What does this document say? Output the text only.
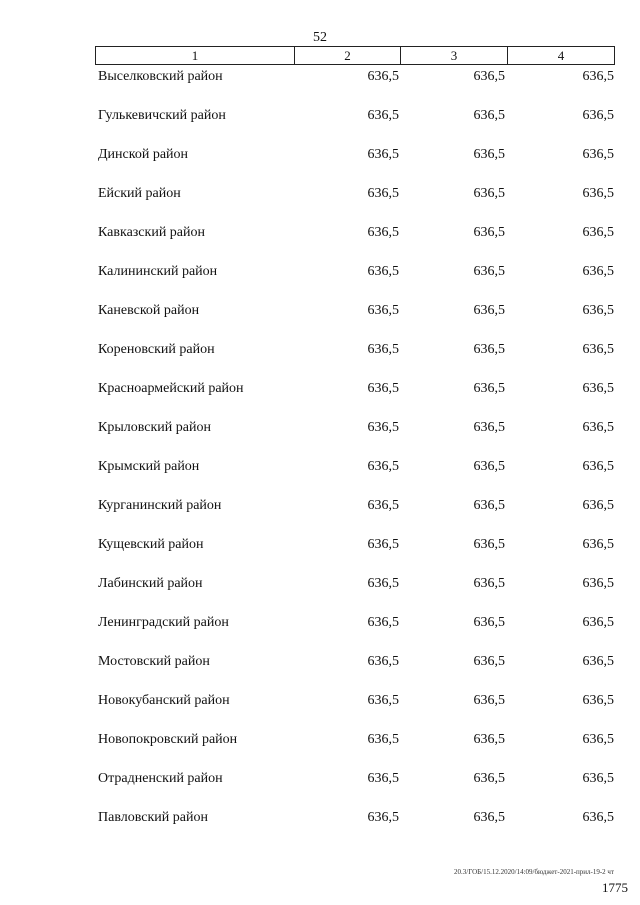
52
1	2	3	4
Выселковский район	636,5	636,5	636,5
Гулькевичский район	636,5	636,5	636,5
Динской район	636,5	636,5	636,5
Ейский район	636,5	636,5	636,5
Кавказский район	636,5	636,5	636,5
Калининский район	636,5	636,5	636,5
Каневской район	636,5	636,5	636,5
Кореновский район	636,5	636,5	636,5
Красноармейский район	636,5	636,5	636,5
Крыловский район	636,5	636,5	636,5
Крымский район	636,5	636,5	636,5
Курганинский район	636,5	636,5	636,5
Кущевский район	636,5	636,5	636,5
Лабинский район	636,5	636,5	636,5
Ленинградский район	636,5	636,5	636,5
Мостовский район	636,5	636,5	636,5
Новокубанский район	636,5	636,5	636,5
Новопокровский район	636,5	636,5	636,5
Отрадненский район	636,5	636,5	636,5
Павловский район	636,5	636,5	636,5
20.3/ГОБ/15.12.2020/14:09/бюджет-2021-прил-19-2 чт
1775
